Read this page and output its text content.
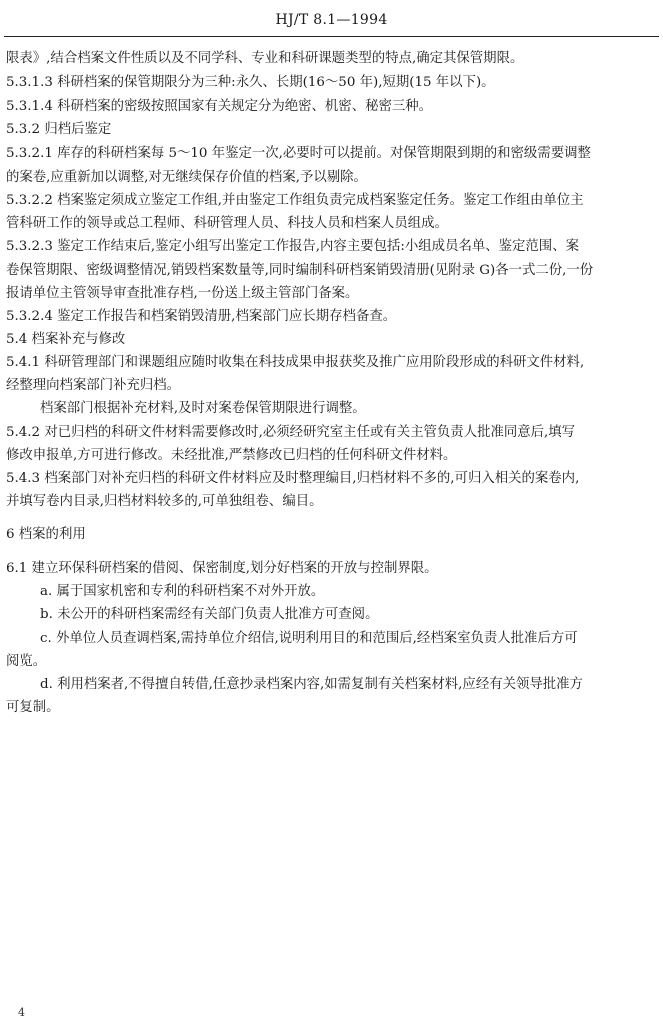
HJ/T 8.1—1994

限表》,结合档案文件性质以及不同学科、专业和科研课题类型的特点,确定其保管期限。

5.3.1.3 科研档案的保管期限分为三种:永久、长期(16～50 年),短期(15 年以下)。

5.3.1.4 科研档案的密级按照国家有关规定分为绝密、机密、秘密三种。

5.3.2 归档后鉴定

5.3.2.1 库存的科研档案每 5～10 年鉴定一次,必要时可以提前。对保管期限到期的和密级需要调整

的案卷,应重新加以调整,对无继续保存价值的档案,予以剔除。

5.3.2.2 档案鉴定须成立鉴定工作组,并由鉴定工作组负责完成档案鉴定任务。鉴定工作组由单位主

管科研工作的领导或总工程师、科研管理人员、科技人员和档案人员组成。

5.3.2.3 鉴定工作结束后,鉴定小组写出鉴定工作报告,内容主要包括:小组成员名单、鉴定范围、案

卷保管期限、密级调整情况,销毁档案数量等,同时编制科研档案销毁清册(见附录 G)各一式二份,一份

报请单位主管领导审查批准存档,一份送上级主管部门备案。

5.3.2.4 鉴定工作报告和档案销毁清册,档案部门应长期存档备查。

5.4 档案补充与修改

5.4.1 科研管理部门和课题组应随时收集在科技成果申报获奖及推广应用阶段形成的科研文件材料,

经整理向档案部门补充归档。

档案部门根据补充材料,及时对案卷保管期限进行调整。

5.4.2 对已归档的科研文件材料需要修改时,必须经研究室主任或有关主管负责人批准同意后,填写

修改申报单,方可进行修改。未经批准,严禁修改已归档的任何科研文件材料。

5.4.3 档案部门对补充归档的科研文件材料应及时整理编目,归档材料不多的,可归入相关的案卷内,

并填写卷内目录,归档材料较多的,可单独组卷、编目。

6 档案的利用

6.1 建立环保科研档案的借阅、保密制度,划分好档案的开放与控制界限。

a. 属于国家机密和专利的科研档案不对外开放。

b. 未公开的科研档案需经有关部门负责人批准方可查阅。

c. 外单位人员查调档案,需持单位介绍信,说明利用目的和范围后,经档案室负责人批准后方可

阅览。

d. 利用档案者,不得擅自转借,任意抄录档案内容,如需复制有关档案材料,应经有关领导批准方

可复制。

4
